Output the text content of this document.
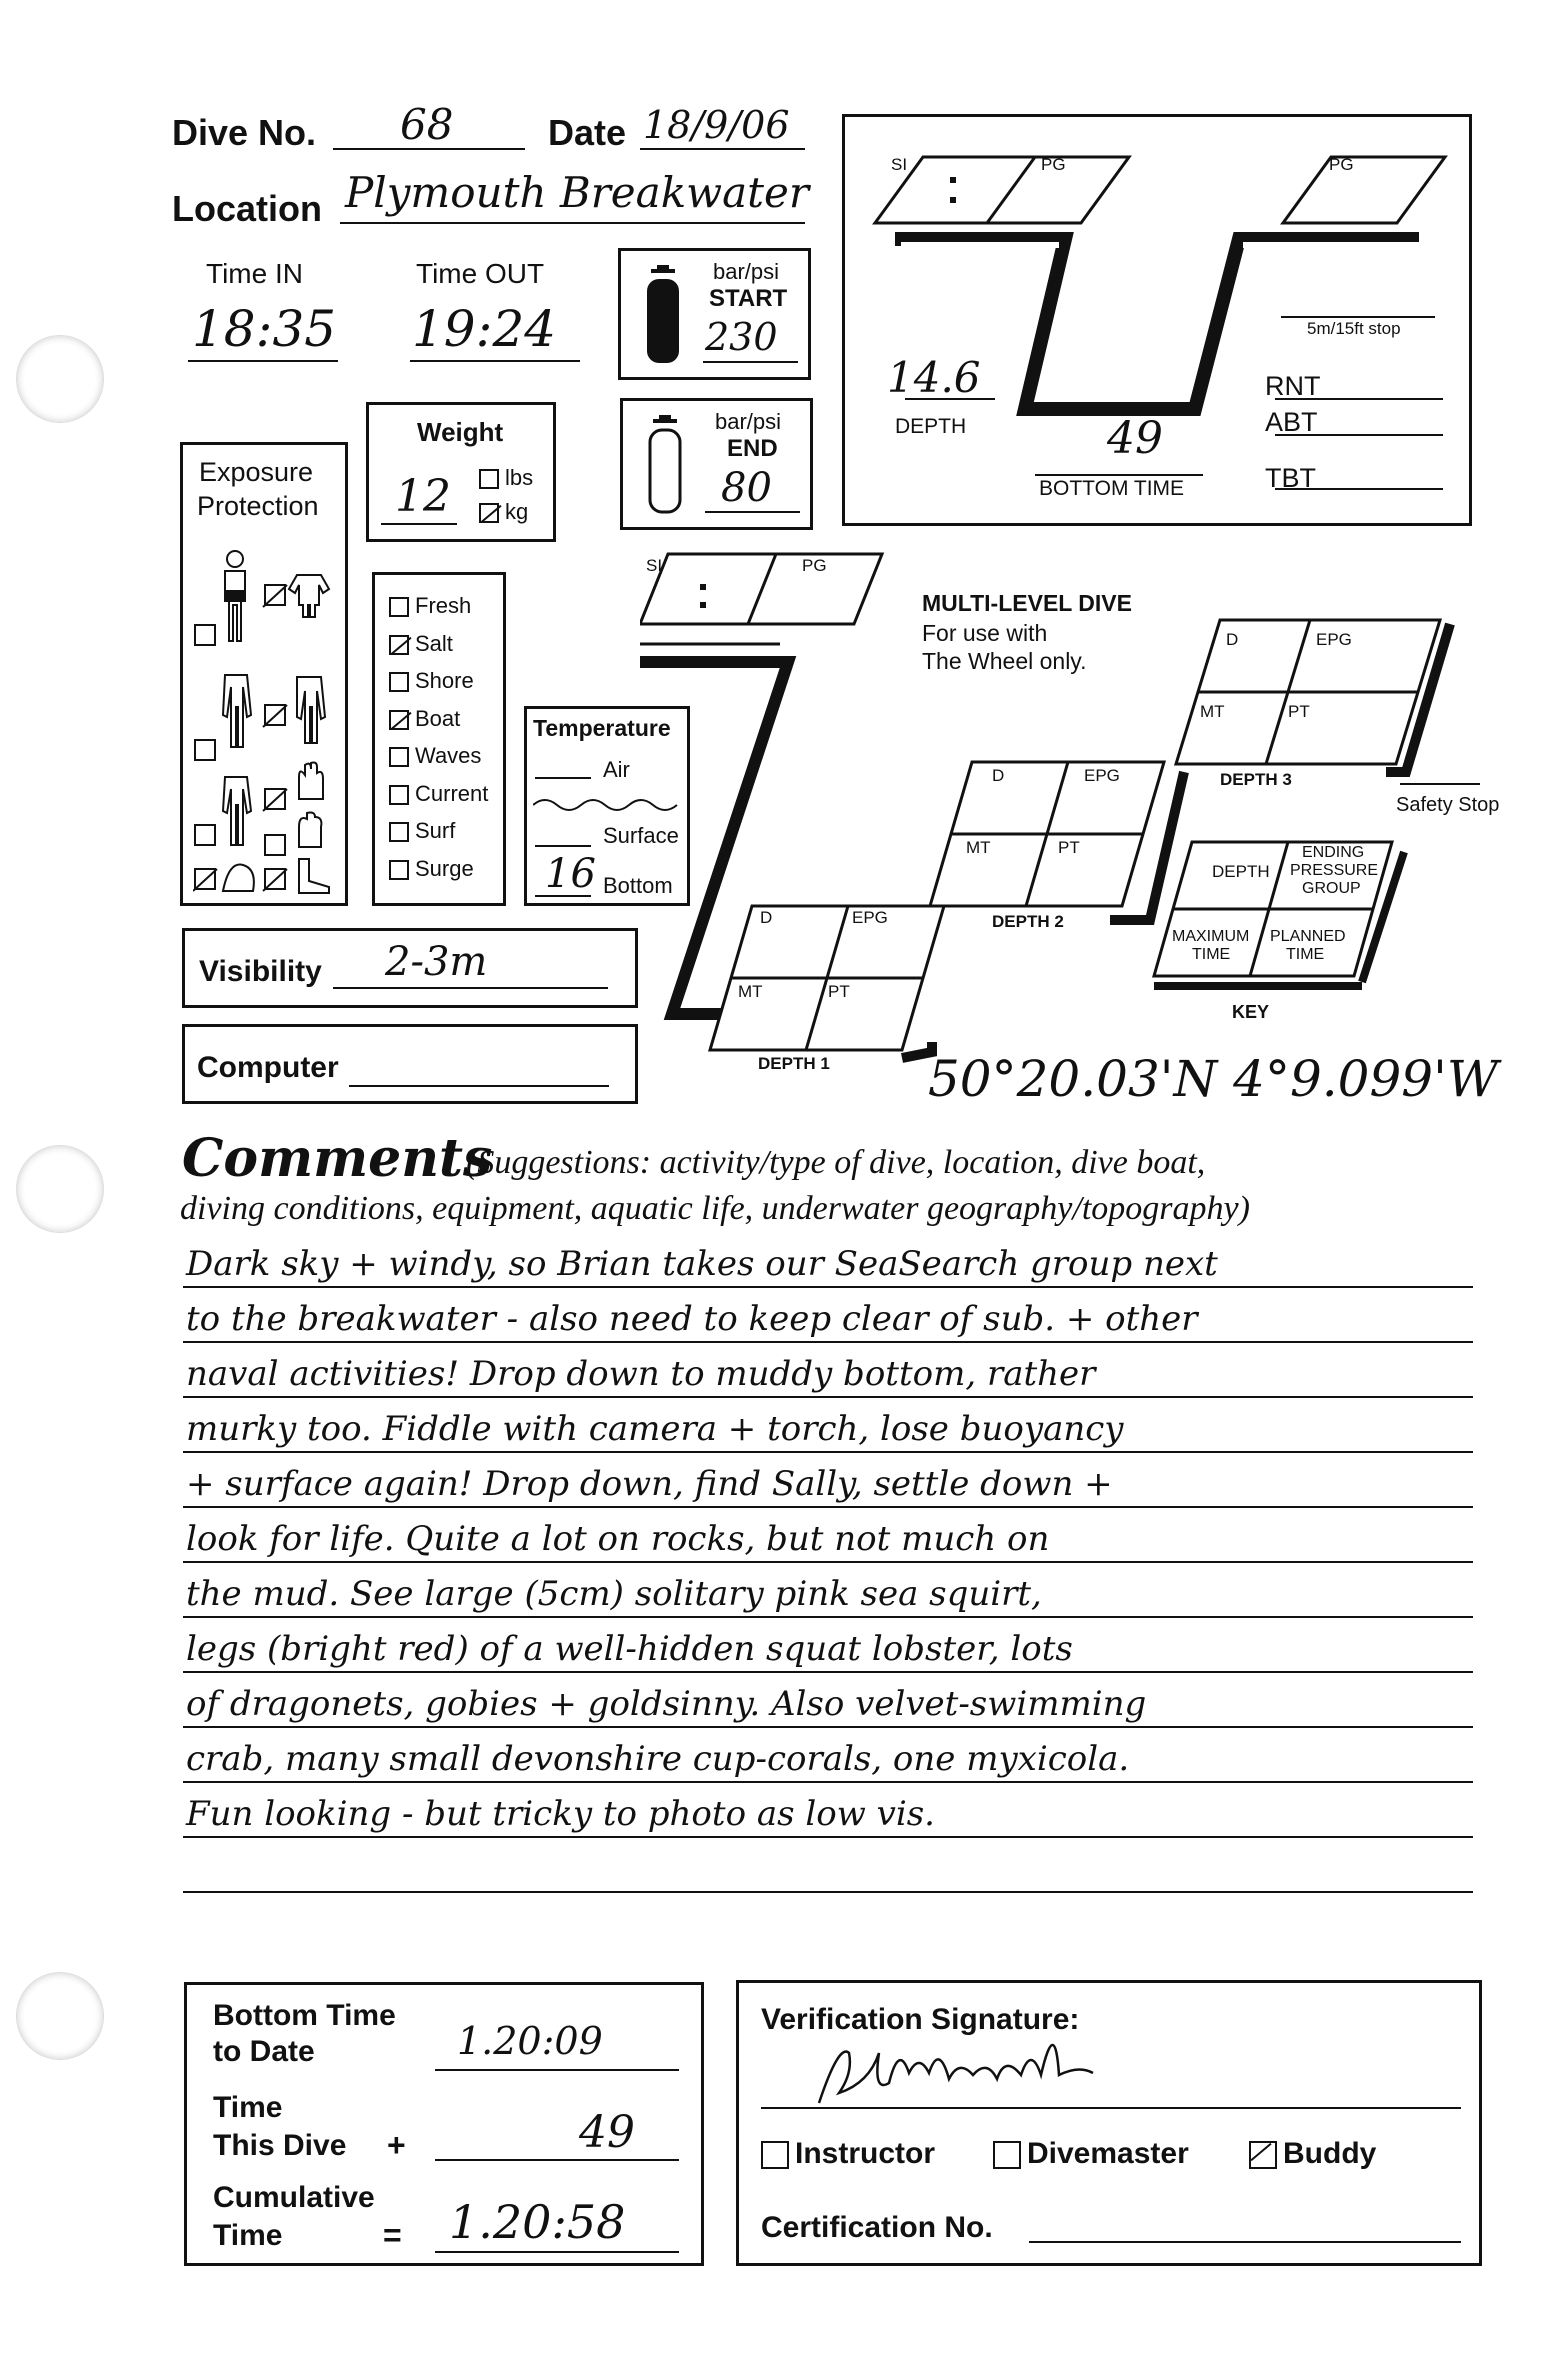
Dive No. 68	Date 18/9/06
Location Plymouth Breakwater
Time IN
18:35
Time OUT
19:24
bar/psi
START
230
bar/psi
END
80
Weight
12	lbs
kg
Exposure
Protection
Fresh
Salt
Shore
Boat
Waves
Current
Surf
Surge
Temperature
Air
Surface
16 Bottom
Visibility 2-3m
Computer
SI	PG	PG
5m/15ft stop
14.6
DEPTH	49
BOTTOM TIME
RNT
ABT
TBT
SI	PG
MULTI-LEVEL DIVE
For use with
The Wheel only.
D	EPG
MT	PT
DEPTH 1
D	EPG
MT	PT
DEPTH 2
D	EPG
MT	PT
DEPTH 3
Safety Stop
DEPTH
ENDING
PRESSURE
GROUP
MAXIMUM
TIME
PLANNED
TIME
KEY
50°20.03'N 4°9.099'W
Comments
(Suggestions: activity/type of dive, location, dive boat,
diving conditions, equipment, aquatic life, underwater geography/topography)
Dark sky + windy, so Brian takes our SeaSearch group next
to the breakwater - also need to keep clear of sub. + other
naval activities! Drop down to muddy bottom, rather
murky too. Fiddle with camera + torch, lose buoyancy
+ surface again! Drop down, find Sally, settle down +
look for life. Quite a lot on rocks, but not much on
the mud. See large (5cm) solitary pink sea squirt,
legs (bright red) of a well-hidden squat lobster, lots
of dragonets, gobies + goldsinny. Also velvet-swimming
crab, many small devonshire cup-corals, one myxicola.
Fun looking - but tricky to photo as low vis.
Bottom Time
to Date	1.20:09
Time
This Dive +	49
Cumulative
Time	= 1.20:58
Verification Signature:
Instructor	Divemaster	Buddy
Certification No.
